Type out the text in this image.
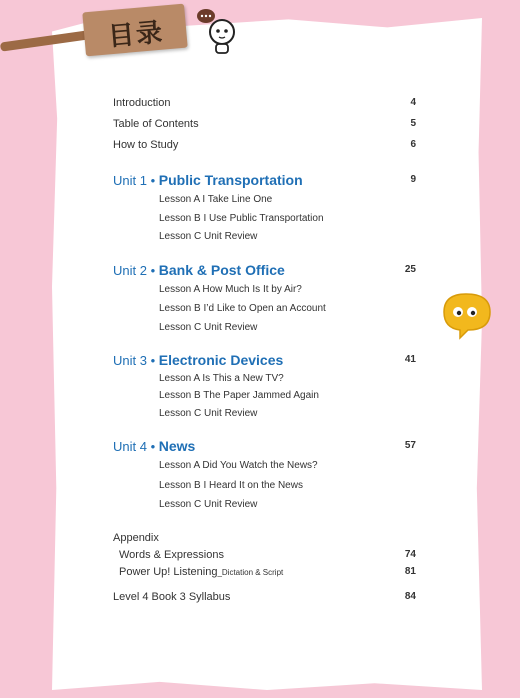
目录
Introduction	4
Table of Contents	5
How to Study	6
Unit 1 • Public Transportation	9
Lesson A I Take Line One
Lesson B I Use Public Transportation
Lesson C Unit Review
Unit 2 • Bank & Post Office	25
Lesson A How Much Is It by Air?
Lesson B I’d Like to Open an Account
Lesson C Unit Review
Unit 3 • Electronic Devices	41
Lesson A Is This a New TV?
Lesson B The Paper Jammed Again
Lesson C Unit Review
Unit 4 • News	57
Lesson A Did You Watch the News?
Lesson B I Heard It on the News
Lesson C Unit Review
Appendix
Words & Expressions	74
Power Up! Listening_Dictation & Script	81
Level 4 Book 3 Syllabus	84
